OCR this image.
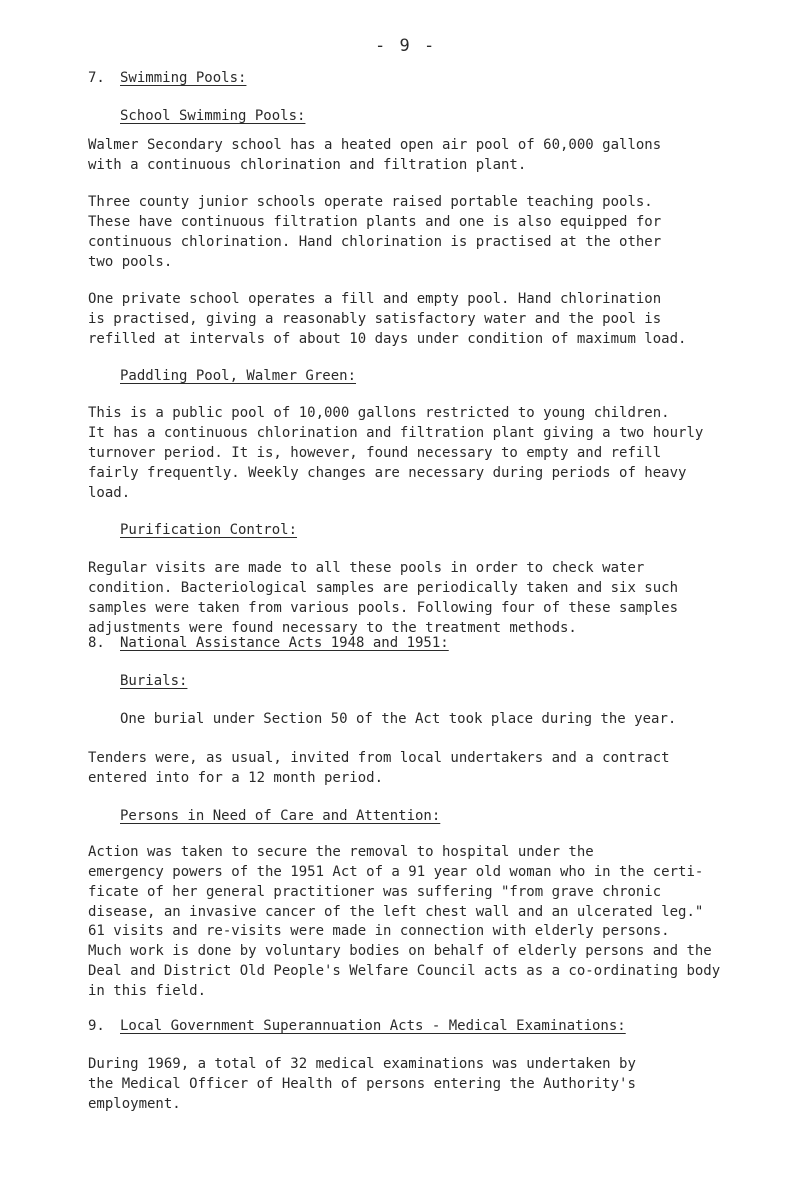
- 9 -
7. Swimming Pools:
School Swimming Pools:

Walmer Secondary school has a heated open air pool of 60,000 gallons
with a continuous chlorination and filtration plant.

Three county junior schools operate raised portable teaching pools.
These have continuous filtration plants and one is also equipped for
continuous chlorination. Hand chlorination is practised at the other
two pools.

One private school operates a fill and empty pool. Hand chlorination
is practised, giving a reasonably satisfactory water and the pool is
refilled at intervals of about 10 days under condition of maximum load.

Paddling Pool, Walmer Green:

This is a public pool of 10,000 gallons restricted to young children.
It has a continuous chlorination and filtration plant giving a two hourly
turnover period. It is, however, found necessary to empty and refill
fairly frequently. Weekly changes are necessary during periods of heavy
load.

Purification Control:

Regular visits are made to all these pools in order to check water
condition. Bacteriological samples are periodically taken and six such
samples were taken from various pools. Following four of these samples
adjustments were found necessary to the treatment methods.

8. National Assistance Acts 1948 and 1951:
Burials:

One burial under Section 50 of the Act took place during the year.

Tenders were, as usual, invited from local undertakers and a contract
entered into for a 12 month period.

Persons in Need of Care and Attention:

Action was taken to secure the removal to hospital under the
emergency powers of the 1951 Act of a 91 year old woman who in the certi-
ficate of her general practitioner was suffering "from grave chronic
disease, an invasive cancer of the left chest wall and an ulcerated leg."

61 visits and re-visits were made in connection with elderly persons.
Much work is done by voluntary bodies on behalf of elderly persons and the
Deal and District Old People's Welfare Council acts as a co-ordinating body
in this field.

9. Local Government Superannuation Acts - Medical Examinations:

During 1969, a total of 32 medical examinations was undertaken by
the Medical Officer of Health of persons entering the Authority's
employment.
